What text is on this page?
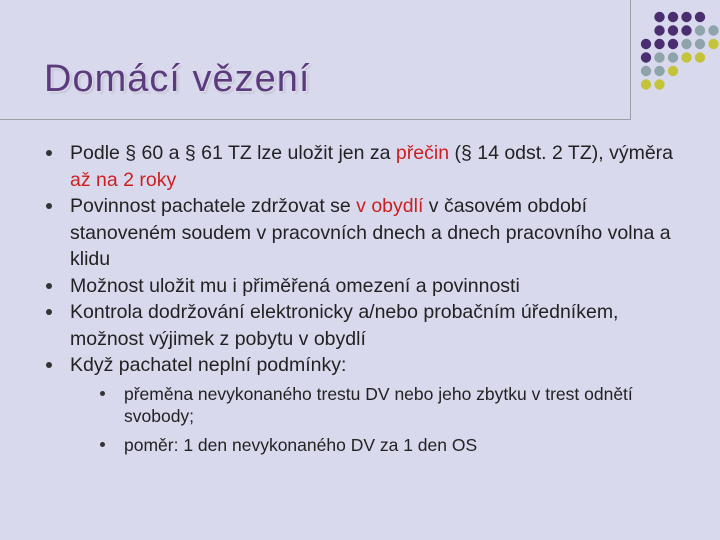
Domácí vězení
Podle § 60 a § 61 TZ lze uložit jen za přečin (§ 14 odst. 2 TZ), výměra až na 2 roky
Povinnost pachatele zdržovat se v obydlí v časovém období stanoveném soudem v pracovních dnech a dnech pracovního volna a klidu
Možnost uložit mu i přiměřená omezení a povinnosti
Kontrola dodržování elektronicky a/nebo probačním úředníkem, možnost výjimek z pobytu v obydlí
Když pachatel neplní podmínky:
přeměna nevykonaného trestu DV nebo jeho zbytku v trest odnětí svobody;
poměr: 1 den nevykonaného DV za 1 den OS
